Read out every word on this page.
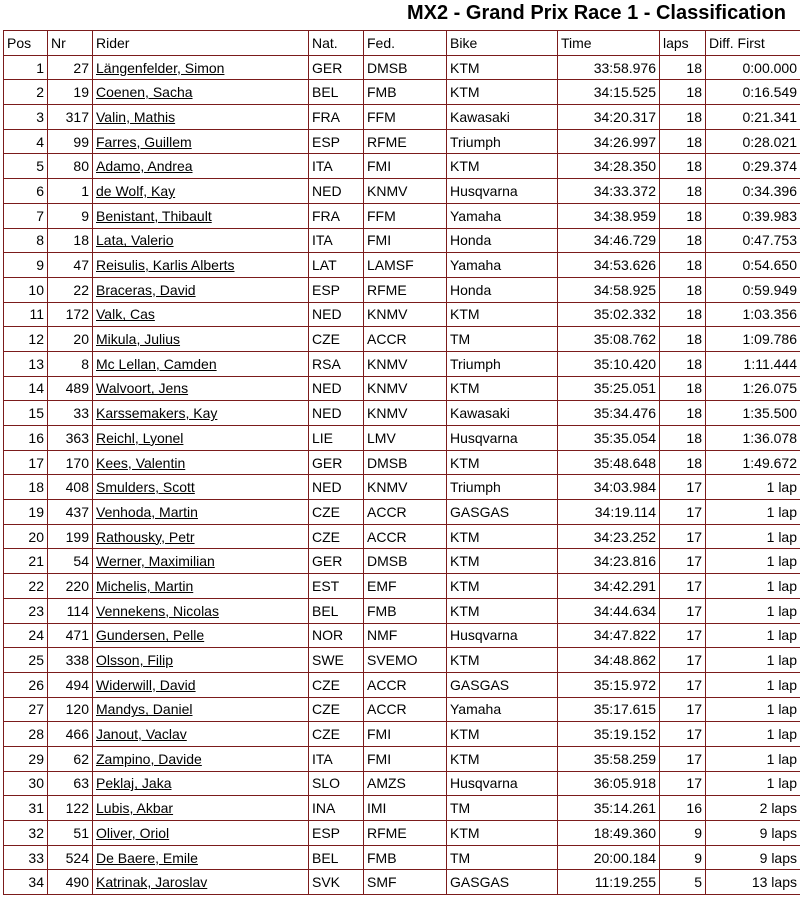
MX2 - Grand Prix Race 1 - Classification
Pos	Nr	Rider	Nat.	Fed.	Bike	Time	laps	Diff. First
1	27	Längenfelder, Simon	GER	DMSB	KTM	33:58.976	18	0:00.000
2	19	Coenen, Sacha	BEL	FMB	KTM	34:15.525	18	0:16.549
3	317	Valin, Mathis	FRA	FFM	Kawasaki	34:20.317	18	0:21.341
4	99	Farres, Guillem	ESP	RFME	Triumph	34:26.997	18	0:28.021
5	80	Adamo, Andrea	ITA	FMI	KTM	34:28.350	18	0:29.374
6	1	de Wolf, Kay	NED	KNMV	Husqvarna	34:33.372	18	0:34.396
7	9	Benistant, Thibault	FRA	FFM	Yamaha	34:38.959	18	0:39.983
8	18	Lata, Valerio	ITA	FMI	Honda	34:46.729	18	0:47.753
9	47	Reisulis, Karlis Alberts	LAT	LAMSF	Yamaha	34:53.626	18	0:54.650
10	22	Braceras, David	ESP	RFME	Honda	34:58.925	18	0:59.949
11	172	Valk, Cas	NED	KNMV	KTM	35:02.332	18	1:03.356
12	20	Mikula, Julius	CZE	ACCR	TM	35:08.762	18	1:09.786
13	8	Mc Lellan, Camden	RSA	KNMV	Triumph	35:10.420	18	1:11.444
14	489	Walvoort, Jens	NED	KNMV	KTM	35:25.051	18	1:26.075
15	33	Karssemakers, Kay	NED	KNMV	Kawasaki	35:34.476	18	1:35.500
16	363	Reichl, Lyonel	LIE	LMV	Husqvarna	35:35.054	18	1:36.078
17	170	Kees, Valentin	GER	DMSB	KTM	35:48.648	18	1:49.672
18	408	Smulders, Scott	NED	KNMV	Triumph	34:03.984	17	1 lap
19	437	Venhoda, Martin	CZE	ACCR	GASGAS	34:19.114	17	1 lap
20	199	Rathousky, Petr	CZE	ACCR	KTM	34:23.252	17	1 lap
21	54	Werner, Maximilian	GER	DMSB	KTM	34:23.816	17	1 lap
22	220	Michelis, Martin	EST	EMF	KTM	34:42.291	17	1 lap
23	114	Vennekens, Nicolas	BEL	FMB	KTM	34:44.634	17	1 lap
24	471	Gundersen, Pelle	NOR	NMF	Husqvarna	34:47.822	17	1 lap
25	338	Olsson, Filip	SWE	SVEMO	KTM	34:48.862	17	1 lap
26	494	Widerwill, David	CZE	ACCR	GASGAS	35:15.972	17	1 lap
27	120	Mandys, Daniel	CZE	ACCR	Yamaha	35:17.615	17	1 lap
28	466	Janout, Vaclav	CZE	FMI	KTM	35:19.152	17	1 lap
29	62	Zampino, Davide	ITA	FMI	KTM	35:58.259	17	1 lap
30	63	Peklaj, Jaka	SLO	AMZS	Husqvarna	36:05.918	17	1 lap
31	122	Lubis, Akbar	INA	IMI	TM	35:14.261	16	2 laps
32	51	Oliver, Oriol	ESP	RFME	KTM	18:49.360	9	9 laps
33	524	De Baere, Emile	BEL	FMB	TM	20:00.184	9	9 laps
34	490	Katrinak, Jaroslav	SVK	SMF	GASGAS	11:19.255	5	13 laps
